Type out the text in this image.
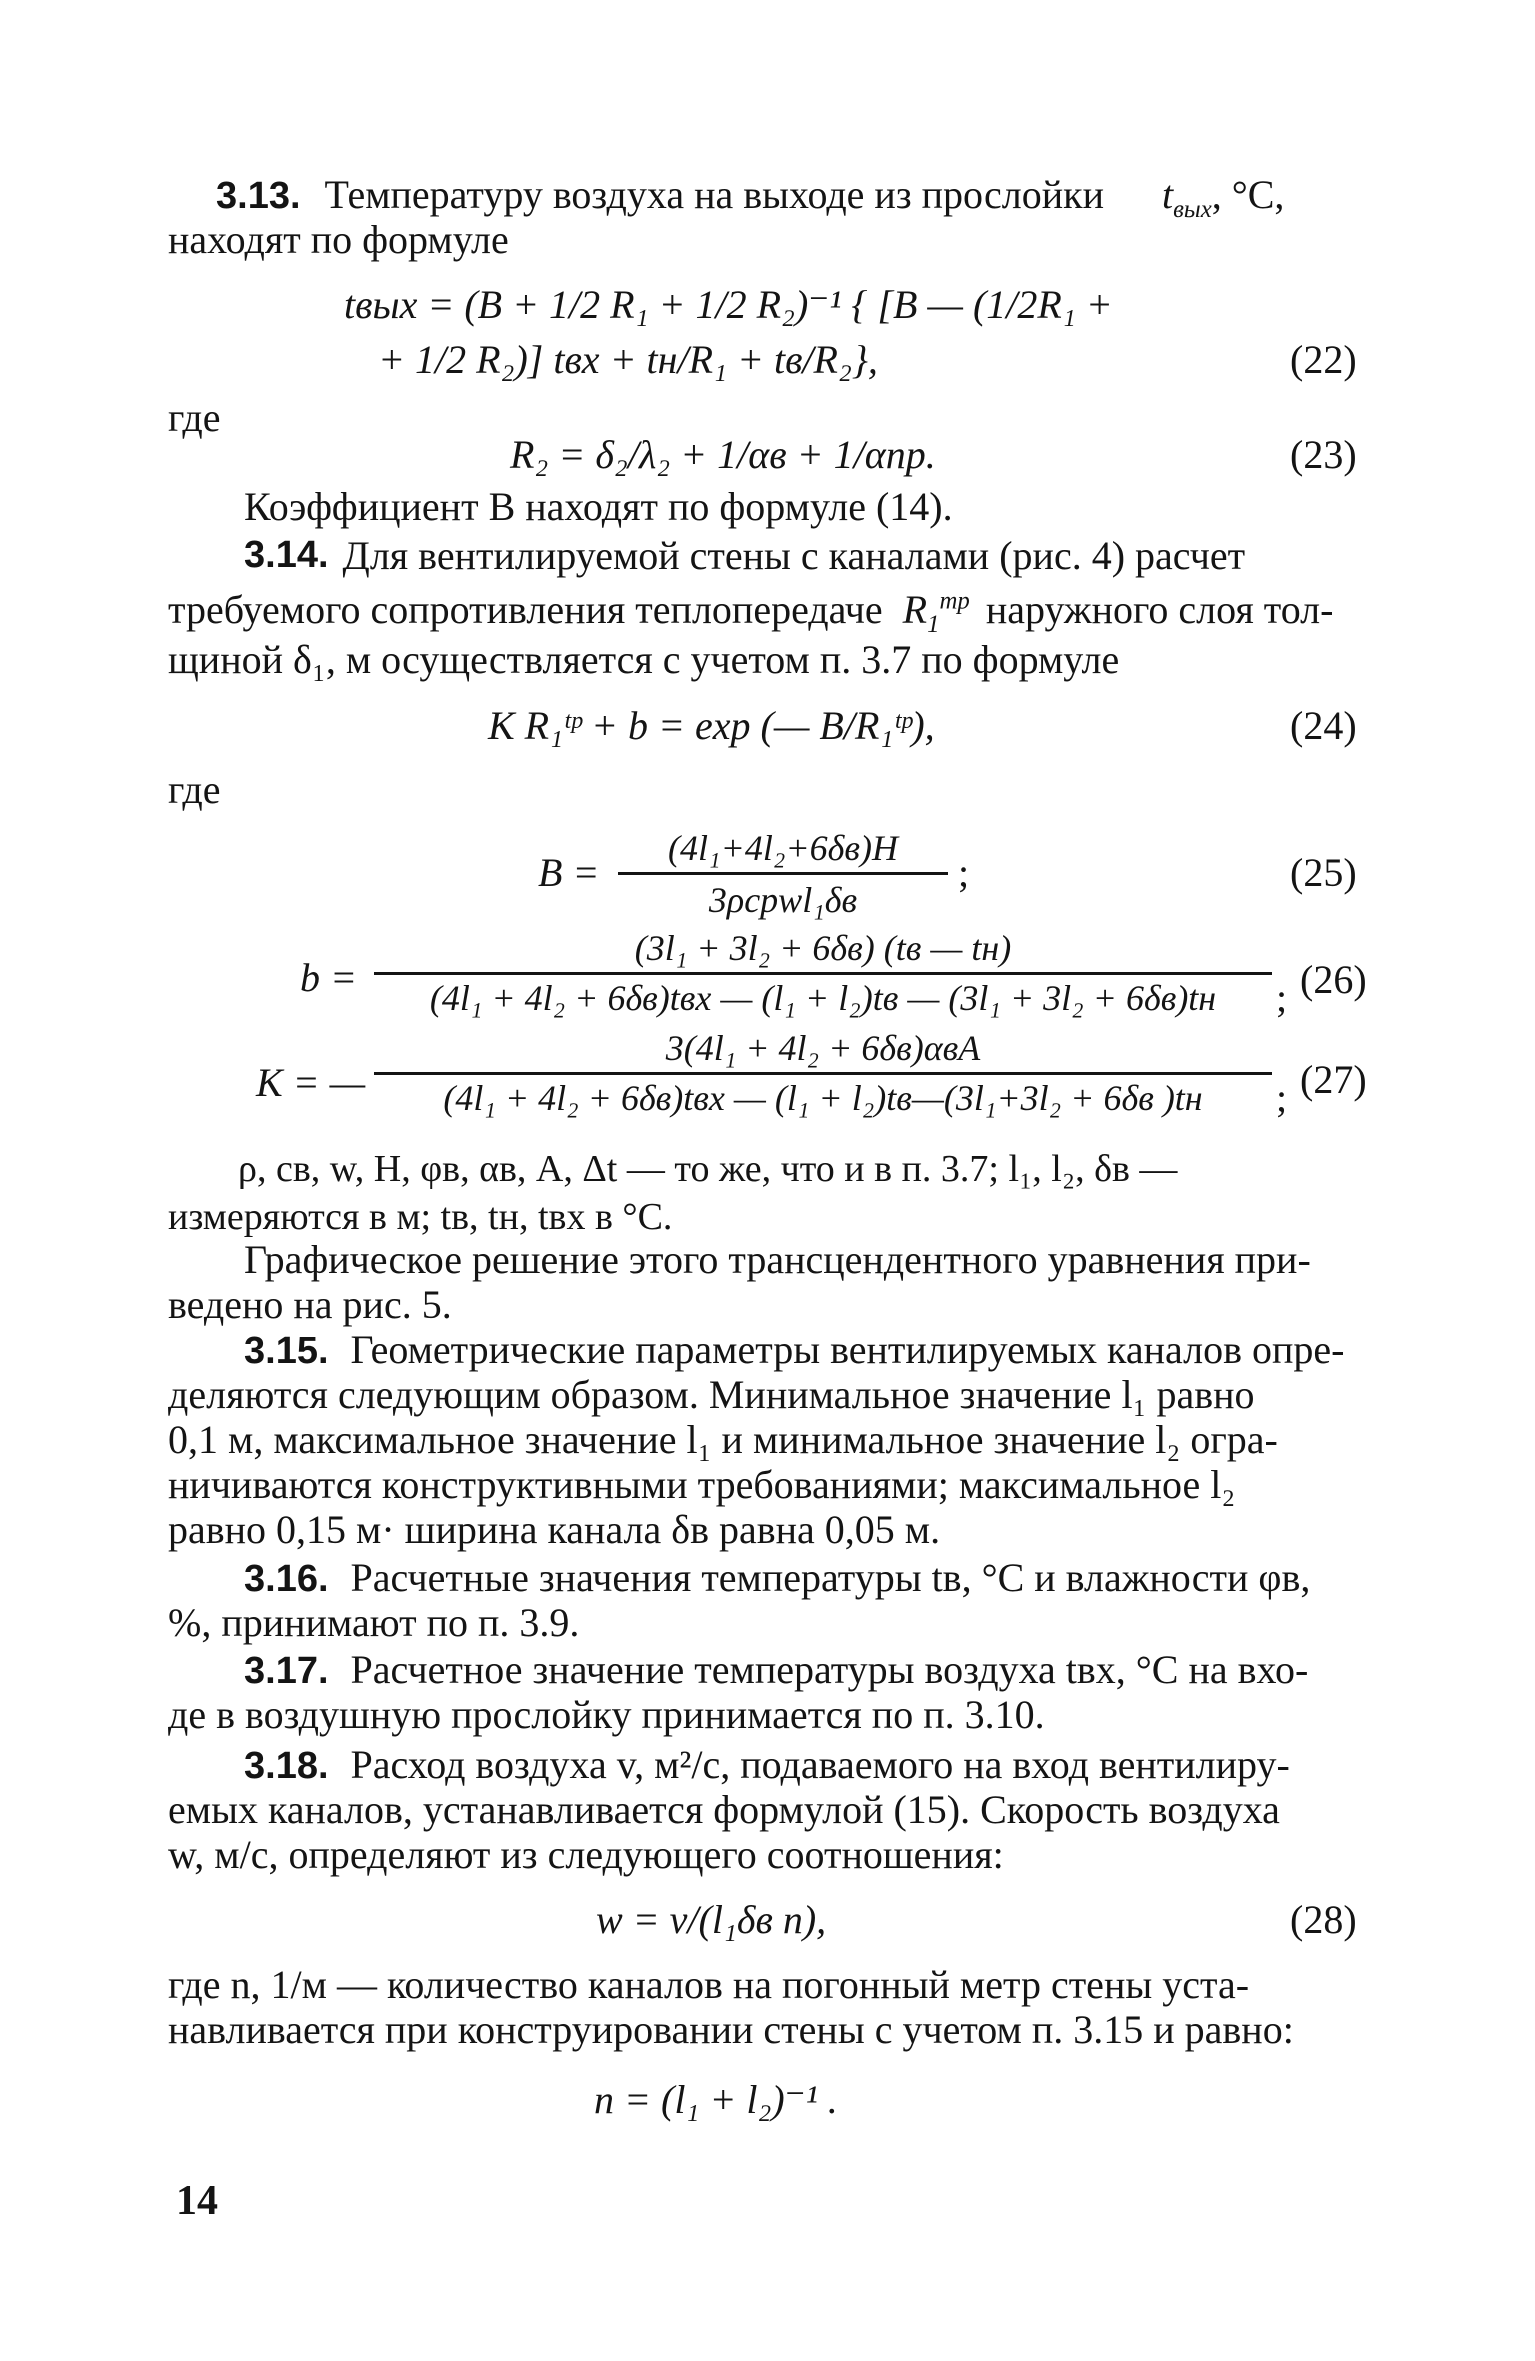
3.13. Температуру воздуха на выходе из прослойки $t_{вых}$, °С,
находят по формуле
tвых = (B + 1/2 R₁ + 1/2 R₂)⁻¹ { [B — (1/2R₁ +
+ 1/2 R₂)] tвх + tн/R₁ + tв/R₂},	(22)
где
R₂ = δ₂/λ₂ + 1/αв + 1/αпр.	(23)
Коэффициент B находят по формуле (14).
3.14. Для вентилируемой стены с каналами (рис. 4) расчет
требуемого сопротивления теплопередаче $R_1^{тр}$ наружного слоя тол-
щиной δ₁, м осуществляется с учетом п. 3.7 по формуле
K R₁ᵗᵖ + b = exp (— B/R₁ᵗᵖ),	(24)
где
B =
(4l₁+4l₂+6δв)H
3ρcpwl₁δв
;	(25)
b =
(3l₁ + 3l₂ + 6δв) (tв — tн)
(4l₁ + 4l₂ + 6δв)tвх — (l₁ + l₂)tв — (3l₁ + 3l₂ + 6δв)tн	; (26)
K = —
3(4l₁ + 4l₂ + 6δв)αвA
(4l₁ + 4l₂ + 6δв)tвх — (l₁ + l₂)tв—(3l₁+3l₂ + 6δв )tн	; (27)
ρ, cв, w, H, φв, αв, A, Δt — то же, что и в п. 3.7; l₁, l₂, δв —
измеряются в м; tв, tн, tвх в °С.
Графическое решение этого трансцендентного уравнения при-
ведено на рис. 5.
3.15. Геометрические параметры вентилируемых каналов опре-
деляются следующим образом. Минимальное значение l₁ равно
0,1 м, максимальное значение l₁ и минимальное значение l₂ огра-
ничиваются конструктивными требованиями; максимальное l₂
равно 0,15 м· ширина канала δв равна 0,05 м.
3.16. Расчетные значения температуры tв, °С и влажности φв,
%, принимают по п. 3.9.
3.17. Расчетное значение температуры воздуха tвх, °С на вхо-
де в воздушную прослойку принимается по п. 3.10.
3.18. Расход воздуха v, м²/с, подаваемого на вход вентилиру-
емых каналов, устанавливается формулой (15). Скорость воздуха
w, м/с, определяют из следующего соотношения:
w = v/(l₁δв n),	(28)
где n, 1/м — количество каналов на погонный метр стены уста-
навливается при конструировании стены с учетом п. 3.15 и равно:
n = (l₁ + l₂)⁻¹ .
14
